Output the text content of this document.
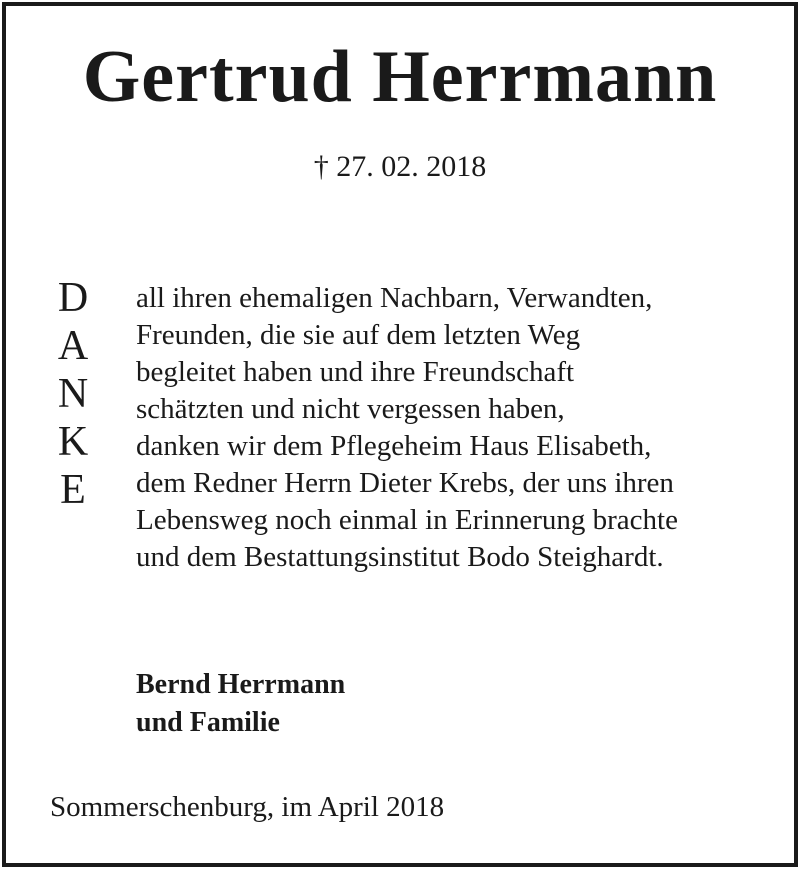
Gertrud Herrmann
† 27. 02. 2018
D
A
N
K
E
all ihren ehemaligen Nachbarn, Verwandten,
Freunden, die sie auf dem letzten Weg
begleitet haben und ihre Freundschaft
schätzten und nicht vergessen haben,
danken wir dem Pflegeheim Haus Elisabeth,
dem Redner Herrn Dieter Krebs, der uns ihren
Lebensweg noch einmal in Erinnerung brachte
und dem Bestattungsinstitut Bodo Steighardt.
Bernd Herrmann
und Familie
Sommerschenburg, im April 2018
